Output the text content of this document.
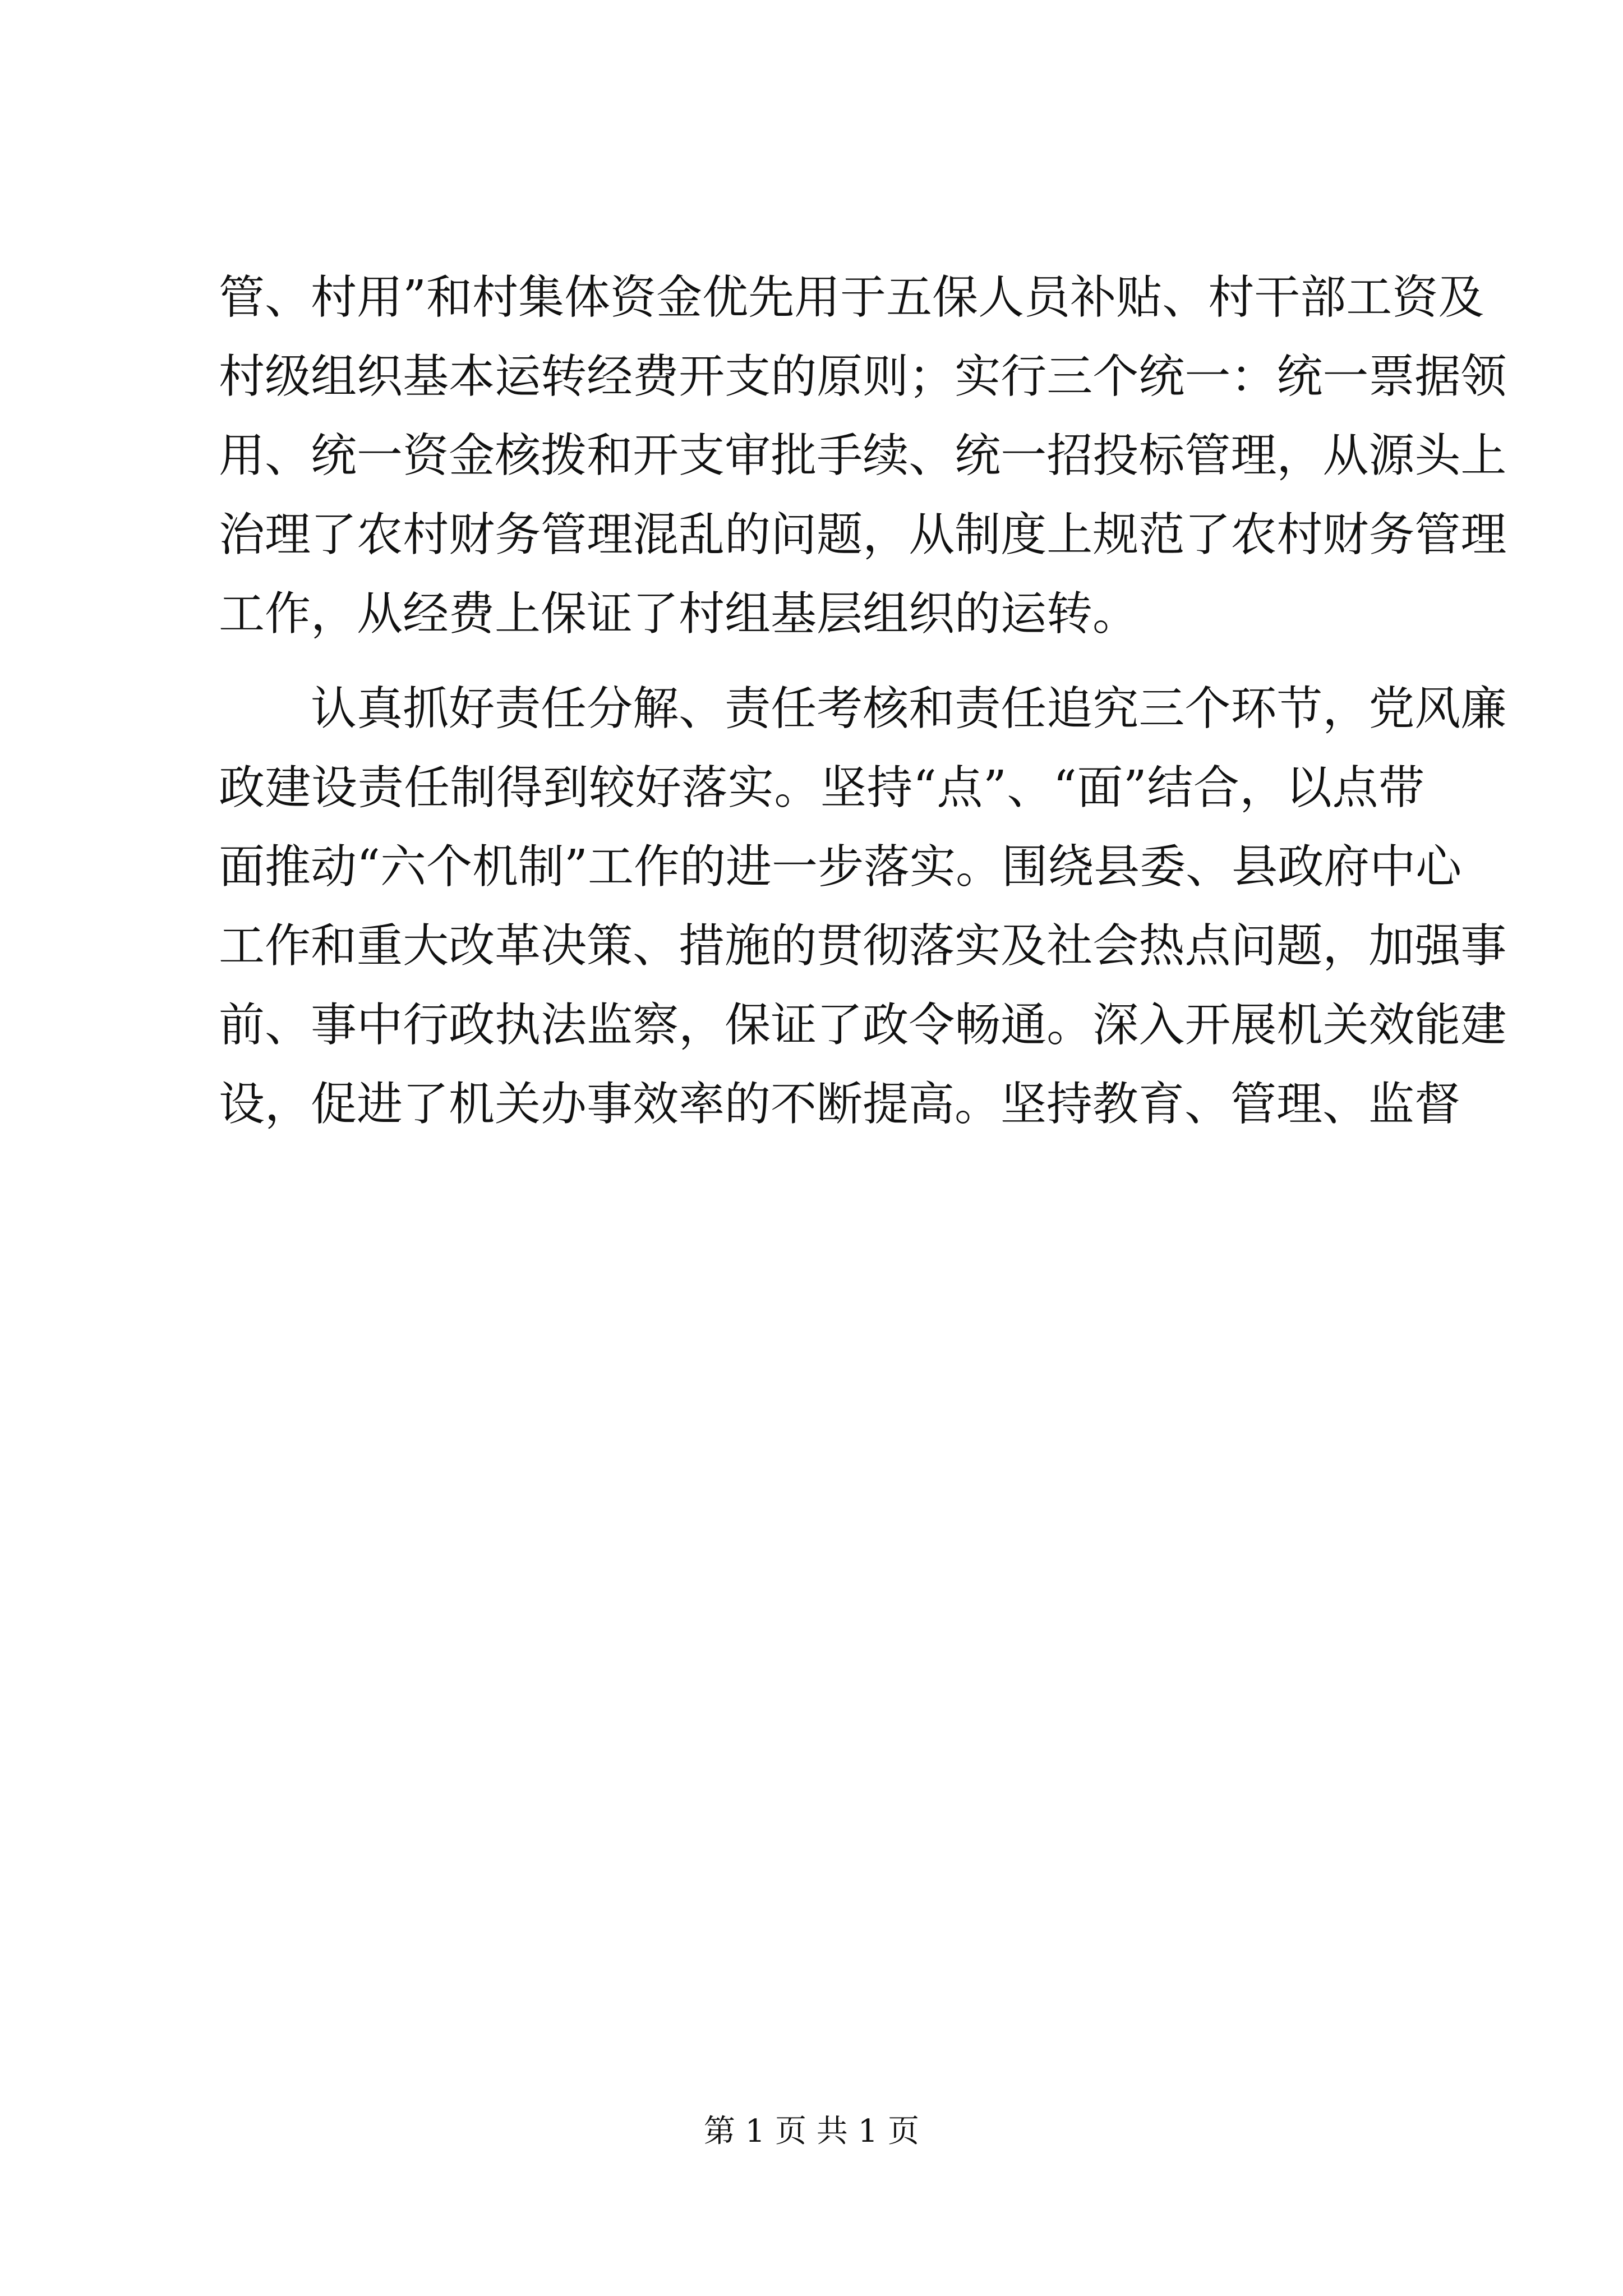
管 、 村 用 ” 和 村 集 体 资 金 优 先 用 于 五 保 人 员 补 贴 、 村 干 部 工 资 及
村 级 组 织 基 本 运 转 经 费 开 支 的 原 则 ； 实 行 三 个 统 一 ： 统 一 票 据 领
用 、 统 一 资 金 核 拨 和 开 支 审 批 手 续 、 统 一 招 投 标 管 理 ， 从 源 头 上
治 理 了 农 村 财 务 管 理 混 乱 的 问 题 ， 从 制 度 上 规 范 了 农 村 财 务 管 理
工作，从经费上保证了村组基层组织的运转。

认 真 抓 好 责 任 分 解 、 责 任 考 核 和 责 任 追 究 三 个 环 节 ， 党 风 廉
政 建 设 责 任 制 得 到 较 好 落 实 。 坚 持 “ 点 ” 、 “ 面 ” 结 合 ， 以 点 带
面 推 动 “ 六 个 机 制 ” 工 作 的 进 一 步 落 实 。 围 绕 县 委 、 县 政 府 中 心
工 作 和 重 大 改 革 决 策 、 措 施 的 贯 彻 落 实 及 社 会 热 点 问 题 ， 加 强 事
前 、 事 中 行 政 执 法 监 察 ， 保 证 了 政 令 畅 通 。 深 入 开 展 机 关 效 能 建
设，促进了机关办事效率的不断提高。坚持教育、管理、监督
第 1 页 共 1 页
